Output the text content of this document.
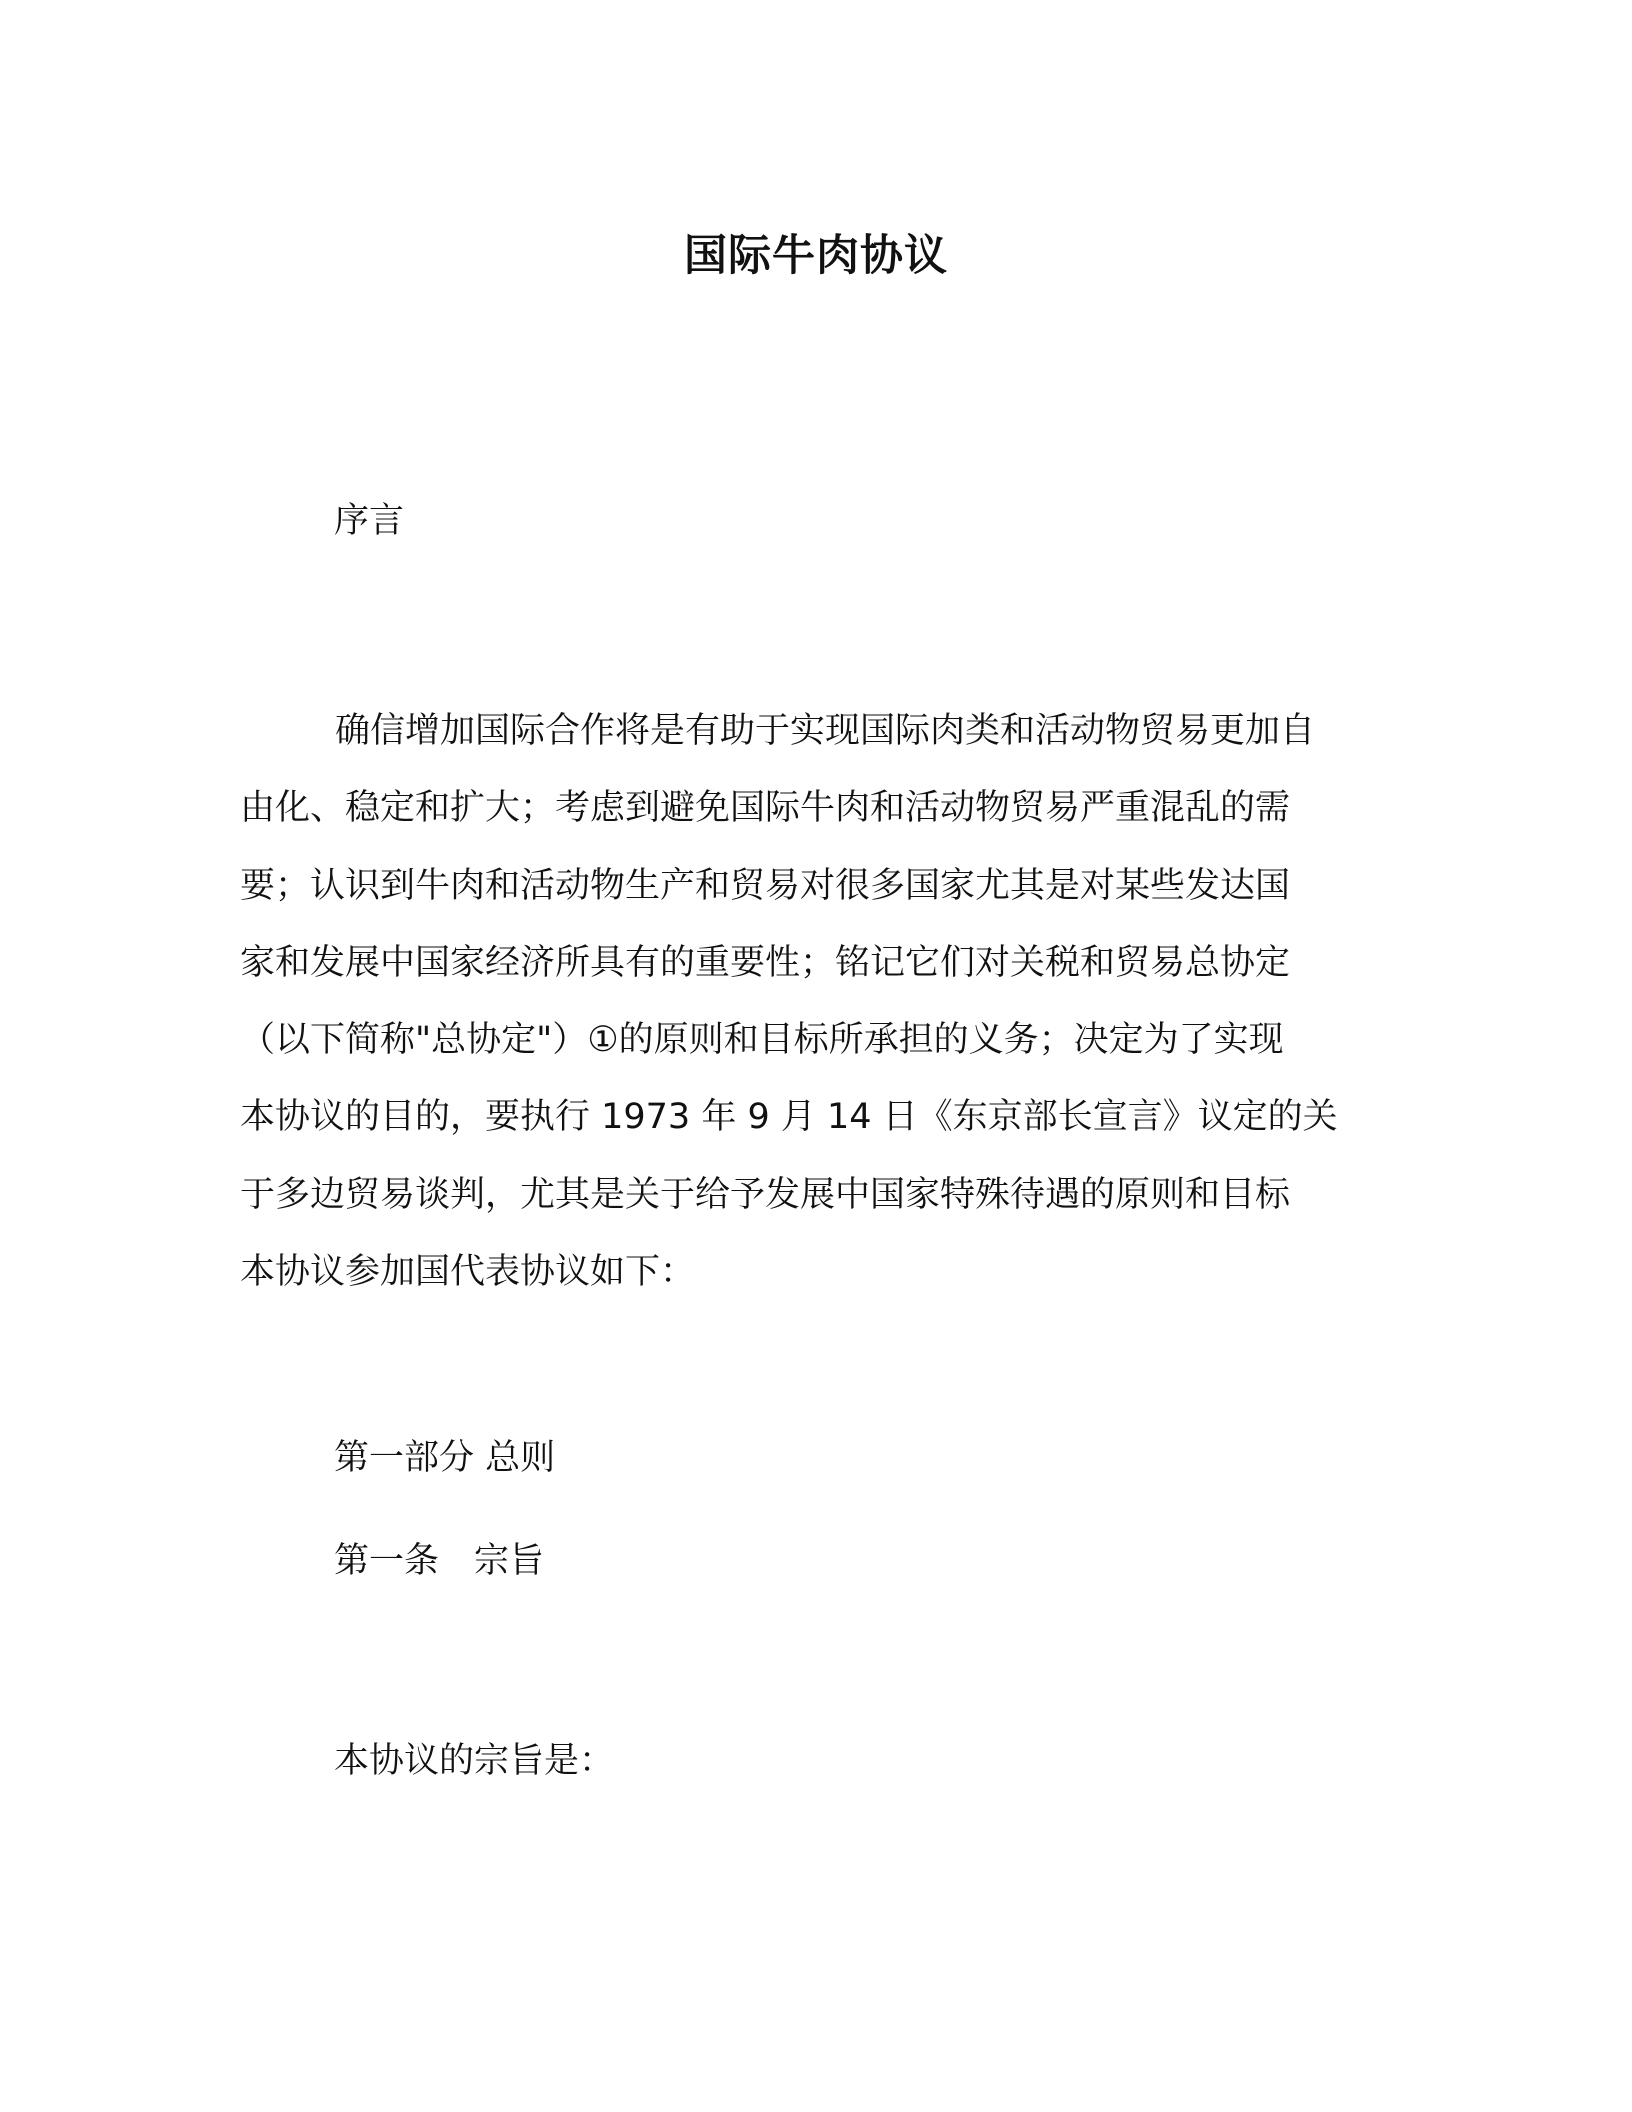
国际牛肉协议

序言

确信增加国际合作将是有助于实现国际肉类和活动物贸易更加自
由化、稳定和扩大；考虑到避免国际牛肉和活动物贸易严重混乱的需
要；认识到牛肉和活动物生产和贸易对很多国家尤其是对某些发达国
家和发展中国家经济所具有的重要性；铭记它们对关税和贸易总协定
（以下简称"总协定"）①的原则和目标所承担的义务；决定为了实现
本协议的目的，要执行 1973 年 9 月 14 日《东京部长宣言》议定的关
于多边贸易谈判，尤其是关于给予发展中国家特殊待遇的原则和目标
本协议参加国代表协议如下：

第一部分 总则

第一条　宗旨

本协议的宗旨是：
